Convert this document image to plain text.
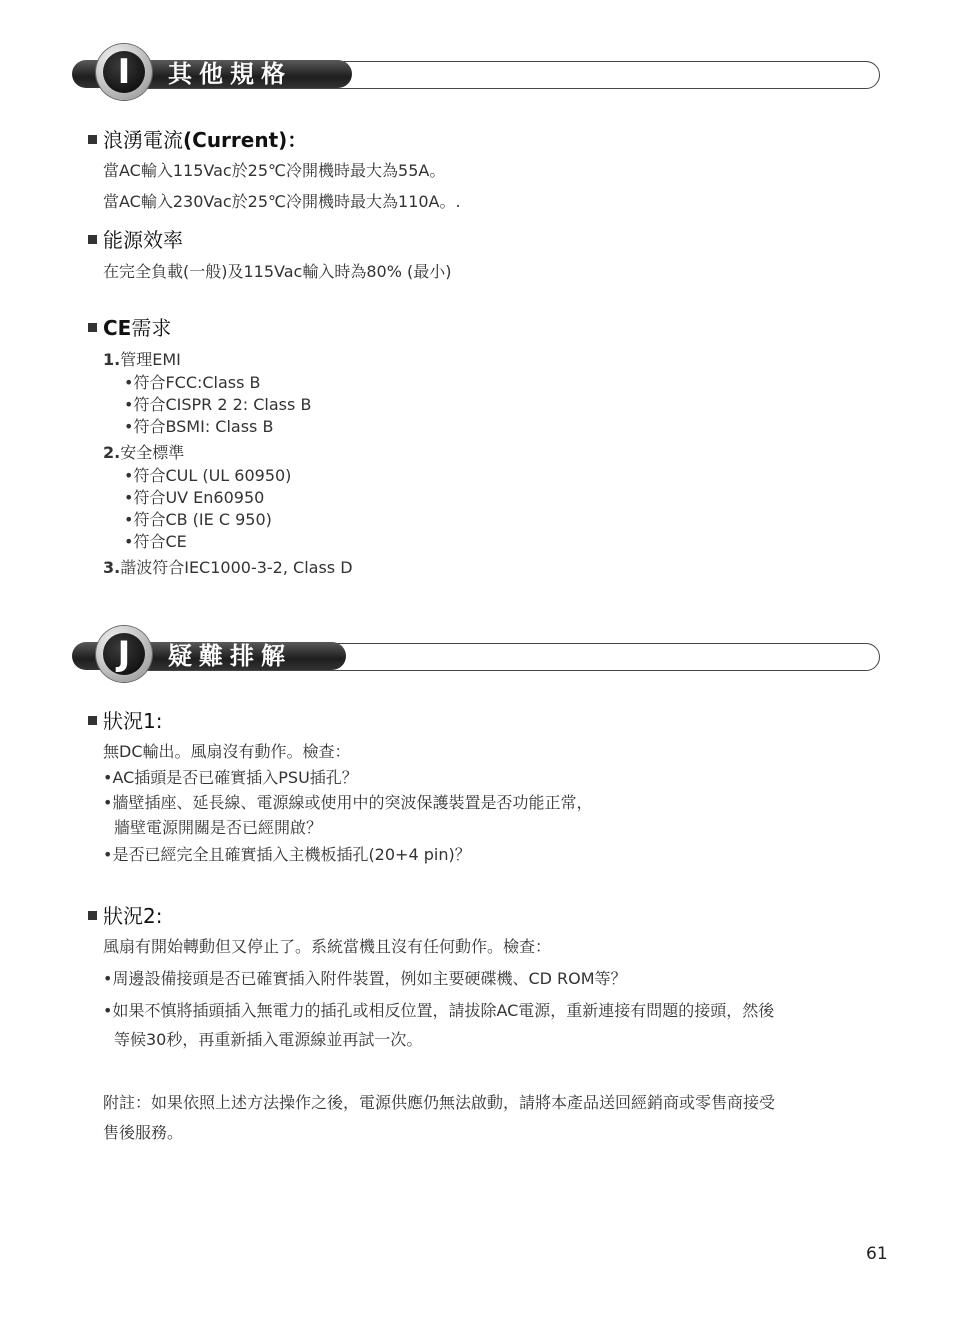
I	其他規格
浪湧電流(Current)：
當AC輸入115Vac於25℃冷開機時最大為55A。
當AC輸入230Vac於25℃冷開機時最大為110A。.
能源效率
在完全負載(一般)及115Vac輸入時為80% (最小)
CE需求
1.管理EMI
•符合FCC:Class B
•符合CISPR 2 2: Class B
•符合BSMI: Class B
2.安全標準
•符合CUL (UL 60950)
•符合UV En60950
•符合CB (IE C 950)
•符合CE
3.諧波符合IEC1000-3-2, Class D
J	疑難排解
狀況1:
無DC輸出。風扇沒有動作。檢查：
•AC插頭是否已確實插入PSU插孔？
•牆壁插座、延長線、電源線或使用中的突波保護裝置是否功能正常，
牆壁電源開關是否已經開啟？
•是否已經完全且確實插入主機板插孔(20+4 pin)？
狀況2:
風扇有開始轉動但又停止了。系統當機且沒有任何動作。檢查：
•周邊設備接頭是否已確實插入附件裝置，例如主要硬碟機、CD ROM等？
•如果不慎將插頭插入無電力的插孔或相反位置，請拔除AC電源，重新連接有問題的接頭，然後
等候30秒，再重新插入電源線並再試一次。
附註：如果依照上述方法操作之後，電源供應仍無法啟動，請將本產品送回經銷商或零售商接受
售後服務。
61
